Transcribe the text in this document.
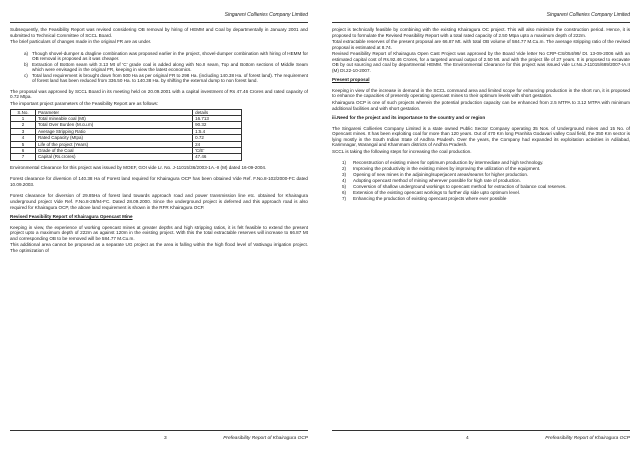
Singareni Collieries Company Limited

Subsequently, the Feasibility Report was revised considering OB removal by hiring of HEMM and Coal by departmentally in January 2001 and submitted to Technical Committee of SCCL Board.

The brief particulars of changes made in the original FR are as under.

a) Though shovel-dumper & dragline combination was proposed earlier in the project, shovel-dumper combination with hiring of HEMM for OB removal is proposed as it was cheaper.
b) Extraction of Bottom seam with 3.13 Mt of 'C' grade coal is added along with No.II seam, Top and Bottom sections of Middle Seam which were envisaged in the original FR, keeping in view the latest economics.
c) Total land requirement is brought down from 500 Ha as per original FR to 298 Ha. (including 140.38 Ha. of forest land). The requirement of forest land has been reduced from 336.50 Ha. to 140.38 Ha. by shifting the external dump to non forest land.

The proposal was approved by SCCL Board in its meeting held on 20.09.2001 with a capital investment of Rs 47.46 Crores and rated capacity of 0.72 Mtpa.

The important project parameters of the Feasibility Report are as follows:

S.No.	Parameter	details
1	Total mineable coal (Mt)	16.713
2	Total Over Burden (M.cu.m)	90.32
3	Average Stripping Ratio	1:5.4
4	Rated Capacity (Mtpa)	0.72
5	Life of the project (Years)	24
6	Grade of the Coal	'C/E'
7	Capital (Rs.crores)	47.46

Environmental Clearance for this project was issued by MOEF, GOI vide Lr. No. J-11015/36/2003-1A.-II (M) dated 16-09-2004.

Forest clearance for diversion of 140.38 Ha of Forest land required for Khairagura OCP has been obtained Vide Ref. F.No.8-102/2000-FC dated 10.09.2003.

Forest clearance for diversion of 29.85Ha of forest land towards approach road and power transmission line etc. obtained for Khairagura underground project Vide Ref. F.No.8-28/94-FC. Dated 28.09.2000. Since the underground project is deferred and this approach road is also required for Khairagura OCP, the above land requirement is shown in the RFR Khairagura OCP.

Revised Feasibility Report of Khairagura Opencast Mine

Keeping in view, the experience of working opencast mines at greater depths and high stripping ratios, it is felt feasible to extend the present project upto a maximum depth of 222m as against 120m in the existing project. With this the total extractable reserves will increase to 66.87 Mt and corresponding OB to be removed will be 584.77 M.Cu.m.

This additional area cannot be proposed as a separate UG project as the area is falling within the high flood level of Vattivagu irrigation project. The optimization of

3	Prefeasibility Report of Khairagura OCP
Singareni Collieries Company Limited

project is technically feasible by combining with the existing Khairagura OC project. This will also minimize the construction period. Hence, it is proposed to formulate the Revised Feasibility Report with a total rated capacity of 2.50 Mtpa upto a maximum depth of 222m.

Total extractable reserves of the present proposal are 66.87 Mt. with total OB volume of 584.77 M.Cu.m. The average stripping ratio of the revised proposal is estimated at 8.74.

Revised Feasibility Report of Khairagura Open Cast Project was approved by the Board Vide letter No CRP-CS/054/99/ Dt. 13-09-2006 with an estimated capital cost of Rs.92.46 Crores, for a targeted annual output of 2.50 Mt. and with the project life of 27 years. It is proposed to excavate OB by out sourcing and coal by departmental HEMM. The Environmental Clearance for this project was issued vide Lr.No.J-11015/689/2007-IA.II (M) Dt.22-10-2007.

Present proposal

Keeping in view of the increase in demand in the SCCL command area and limited scope for enhancing production in the short run, it is proposed to enhance the capacities of presently operating opencast mines to their optimum levels with short gestation.

Khairagura OCP is one of such projects wherein the potential production capacity can be enhanced from 2.5 MTPA to 3.12 MTPA with minimum additional facilities and with short gestation.

iii.Need for the project and its importance to the country and or region

The Singareni Collieries Company Limited is a state owned Public Sector Company operating 35 Nos. of Underground mines and 15 No. of Opencast mines. It has been exploiting coal for more than 120 years. Out of 470 Km long Pranhita Godavari valley Coal field, the 350 Km sector is lying mostly in the South Indian State of Andhra Pradesh. Over the years, the Company had expanded its exploitation activities in Adilabad, Karimnagar, Warangal and Khammam districts of Andhra Pradesh.

SCCL is taking the following steps for increasing the coal production.

1) Reconstruction of existing mines for optimum production by intermediate and high technology.
2) Improving the productivity in the existing mines by improving the utilization of the equipment.
3) Opening of new mines in the adjoining/superjacent areas/seams for higher production.
4) Adopting opencast method of mining wherever possible for high rate of production.
5) Conversion of shallow underground workings to opencast method for extraction of balance coal reserves.
6) Extension of the existing opencast workings to further dip side upto optimum level.
7) Enhancing the production of existing opencast projects where ever possible
4	Prefeasibility Report of Khairagura OCP
